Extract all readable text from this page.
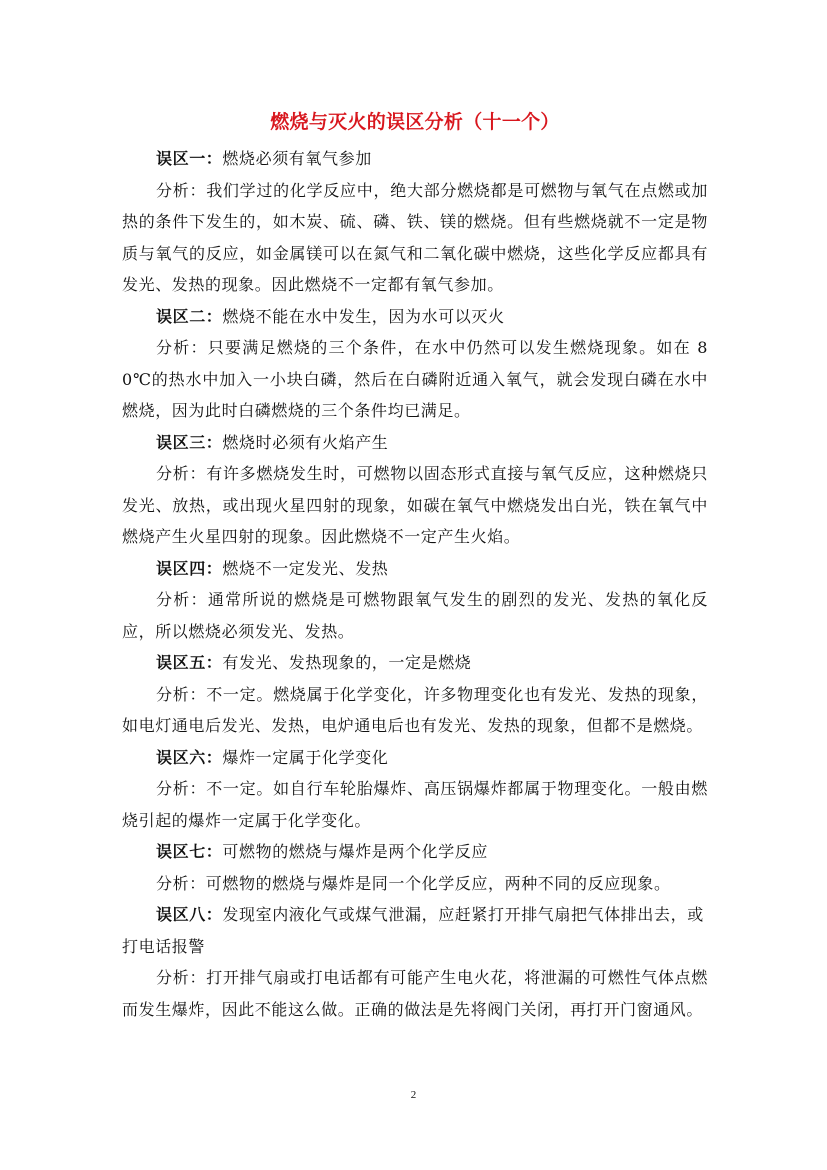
燃烧与灭火的误区分析（十一个）

误区一：燃烧必须有氧气参加

分析：我们学过的化学反应中，绝大部分燃烧都是可燃物与氧气在点燃或加热的条件下发生的，如木炭、硫、磷、铁、镁的燃烧。但有些燃烧就不一定是物质与氧气的反应，如金属镁可以在氮气和二氧化碳中燃烧，这些化学反应都具有发光、发热的现象。因此燃烧不一定都有氧气参加。

误区二：燃烧不能在水中发生，因为水可以灭火

分析：只要满足燃烧的三个条件，在水中仍然可以发生燃烧现象。如在 80℃的热水中加入一小块白磷，然后在白磷附近通入氧气，就会发现白磷在水中燃烧，因为此时白磷燃烧的三个条件均已满足。

误区三：燃烧时必须有火焰产生

分析：有许多燃烧发生时，可燃物以固态形式直接与氧气反应，这种燃烧只发光、放热，或出现火星四射的现象，如碳在氧气中燃烧发出白光，铁在氧气中燃烧产生火星四射的现象。因此燃烧不一定产生火焰。

误区四：燃烧不一定发光、发热

分析：通常所说的燃烧是可燃物跟氧气发生的剧烈的发光、发热的氧化反应，所以燃烧必须发光、发热。

误区五：有发光、发热现象的，一定是燃烧

分析：不一定。燃烧属于化学变化，许多物理变化也有发光、发热的现象，如电灯通电后发光、发热，电炉通电后也有发光、发热的现象，但都不是燃烧。

误区六：爆炸一定属于化学变化

分析：不一定。如自行车轮胎爆炸、高压锅爆炸都属于物理变化。一般由燃烧引起的爆炸一定属于化学变化。

误区七：可燃物的燃烧与爆炸是两个化学反应

分析：可燃物的燃烧与爆炸是同一个化学反应，两种不同的反应现象。

误区八：发现室内液化气或煤气泄漏，应赶紧打开排气扇把气体排出去，或打电话报警

分析：打开排气扇或打电话都有可能产生电火花，将泄漏的可燃性气体点燃而发生爆炸，因此不能这么做。正确的做法是先将阀门关闭，再打开门窗通风。

2
